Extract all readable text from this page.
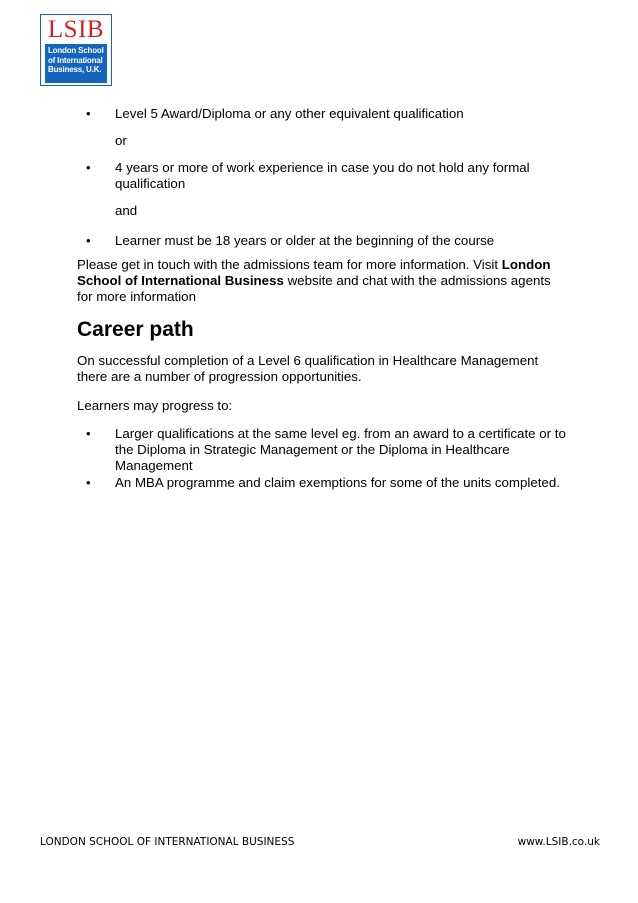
LSIB
London School of International Business, U.K.
• Level 5 Award/Diploma or any other equivalent qualification

or

• 4 years or more of work experience in case you do not hold any formal qualification

and

• Learner must be 18 years or older at the beginning of the course

Please get in touch with the admissions team for more information. Visit London School of International Business website and chat with the admissions agents for more information

Career path

On successful completion of a Level 6 qualification in Healthcare Management there are a number of progression opportunities.

Learners may progress to:

• Larger qualifications at the same level eg. from an award to a certificate or to the Diploma in Strategic Management or the Diploma in Healthcare Management
• An MBA programme and claim exemptions for some of the units completed.
LONDON SCHOOL OF INTERNATIONAL BUSINESS	www.LSIB.co.uk
